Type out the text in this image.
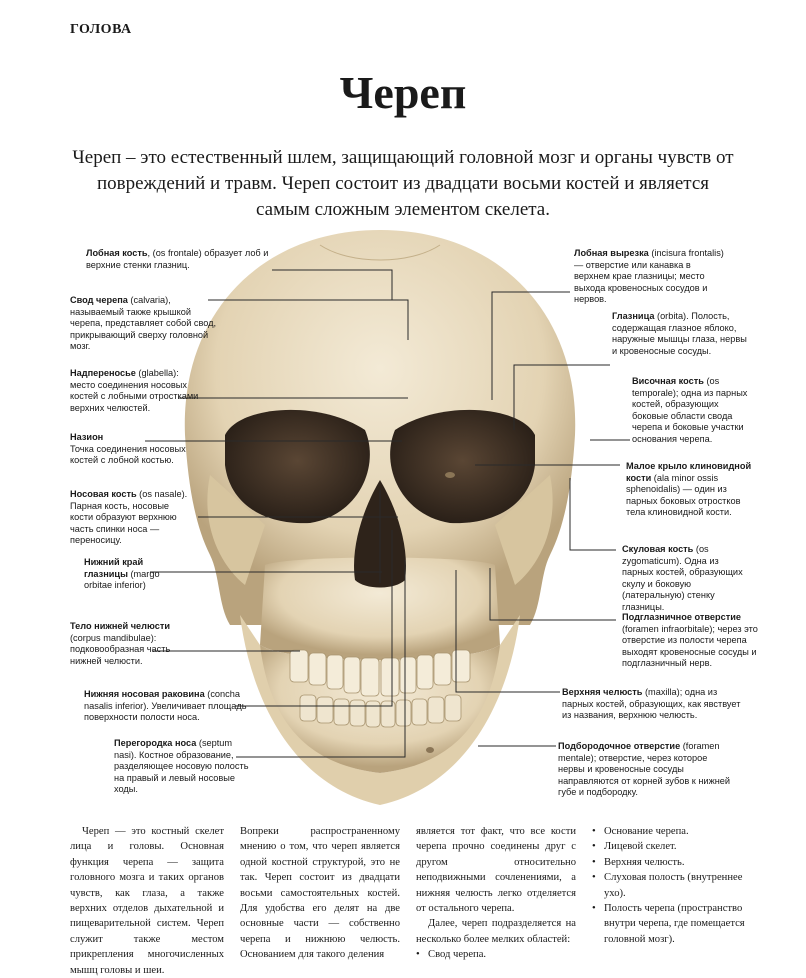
ГОЛОВА
Череп
Череп – это естественный шлем, защищающий головной мозг и органы чувств от повреждений и травм. Череп состоит из двадцати восьми костей и является самым сложным элементом скелета.

Лобная кость, (os frontale) образует лоб и верхние стенки глазниц.

Свод черепа (calvaria), называемый также крышкой черепа, представляет собой свод, прикрывающий сверху головной мозг.

Надпереносье (glabella): место соединения носовых костей с лобными отростками верхних челюстей.

Назион
Точка соединения носовых костей с лобной костью.

Носовая кость (os nasale). Парная кость, носовые кости образуют верхнюю часть спинки носа — переносицу.

Нижний край глазницы (margo orbitae inferior)

Тело нижней челюсти (corpus mandibulae): подковообразная часть нижней челюсти.

Нижняя носовая раковина (concha nasalis inferior). Увеличивает площадь поверхности полости носа.

Перегородка носа (septum nasi). Костное образование, разделяющее носовую полость на правый и левый носовые ходы.

Лобная вырезка (incisura frontalis) — отверстие или канавка в верхнем крае глазницы; место выхода кровеносных сосудов и нервов.

Глазница (orbita). Полость, содержащая глазное яблоко, наружные мышцы глаза, нервы и кровеносные сосуды.

Височная кость (os temporale); одна из парных костей, образующих боковые области свода черепа и боковые участки основания черепа.

Малое крыло клиновидной кости (ala minor ossis sphenoidalis) — один из парных боковых отростков тела клиновидной кости.

Скуловая кость (os zygomaticum). Одна из парных костей, образующих скулу и боковую (латеральную) стенку глазницы.

Подглазничное отверстие (foramen infraorbitale); через это отверстие из полости черепа выходят кровеносные сосуды и подглазничный нерв.

Верхняя челюсть (maxilla); одна из парных костей, образующих, как явствует из названия, верхнюю челюсть.

Подбородочное отверстие (foramen mentale); отверстие, через которое нервы и кровеносные сосуды направляются от корней зубов к нижней губе и подбородку.

Череп — это костный скелет лица и головы. Основная функция черепа — защита головного мозга и таких органов чувств, как глаза, а также верхних отделов дыхательной и пищеварительной систем. Череп служит также местом прикрепления многочисленных мышц головы и шеи.

Вопреки распространенному мнению о том, что череп является одной костной структурой, это не так. Череп состоит из двадцати восьми самостоятельных костей. Для удобства его делят на две основные части — собственно черепа и нижнюю челюсть. Основанием для такого деления

является тот факт, что все кости черепа прочно соединены друг с другом относительно неподвижными сочленениями, а нижняя челюсть легко отделяется от остального черепа.

Далее, череп подразделяется на несколько более мелких областей:

• Свод черепа.
• Основание черепа.
• Лицевой скелет.
• Верхняя челюсть.
• Слуховая полость (внутреннее ухо).
• Полость черепа (пространство внутри черепа, где помещается головной мозг).
